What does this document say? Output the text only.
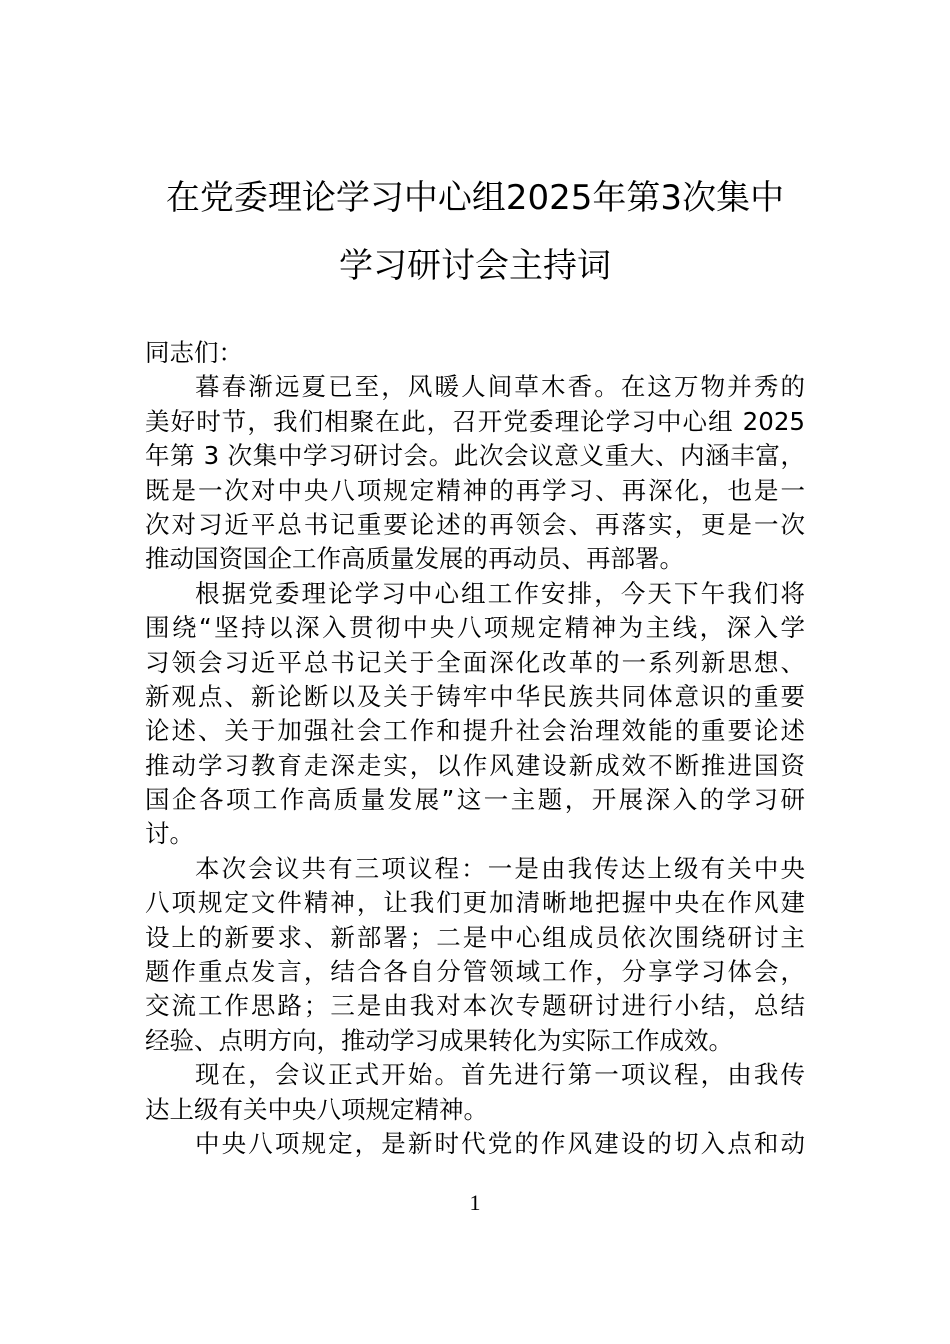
在党委理论学习中心组2025年第3次集中
学习研讨会主持词
同志们：
暮春渐远夏已至，风暖人间草木香。在这万物并秀的
美好时节，我们相聚在此，召开党委理论学习中心组 2025
年第 3 次集中学习研讨会。此次会议意义重大、内涵丰富，
既是一次对中央八项规定精神的再学习、再深化，也是一
次对习近平总书记重要论述的再领会、再落实，更是一次
推动国资国企工作高质量发展的再动员、再部署。
根据党委理论学习中心组工作安排，今天下午我们将
围绕“坚持以深入贯彻中央八项规定精神为主线，深入学
习领会习近平总书记关于全面深化改革的一系列新思想、
新观点、新论断以及关于铸牢中华民族共同体意识的重要
论述、关于加强社会工作和提升社会治理效能的重要论述
推动学习教育走深走实，以作风建设新成效不断推进国资
国企各项工作高质量发展”这一主题，开展深入的学习研
讨。
本次会议共有三项议程：一是由我传达上级有关中央
八项规定文件精神，让我们更加清晰地把握中央在作风建
设上的新要求、新部署；二是中心组成员依次围绕研讨主
题作重点发言，结合各自分管领域工作，分享学习体会，
交流工作思路；三是由我对本次专题研讨进行小结，总结
经验、点明方向，推动学习成果转化为实际工作成效。
现在，会议正式开始。首先进行第一项议程，由我传
达上级有关中央八项规定精神。
中央八项规定，是新时代党的作风建设的切入点和动
1
